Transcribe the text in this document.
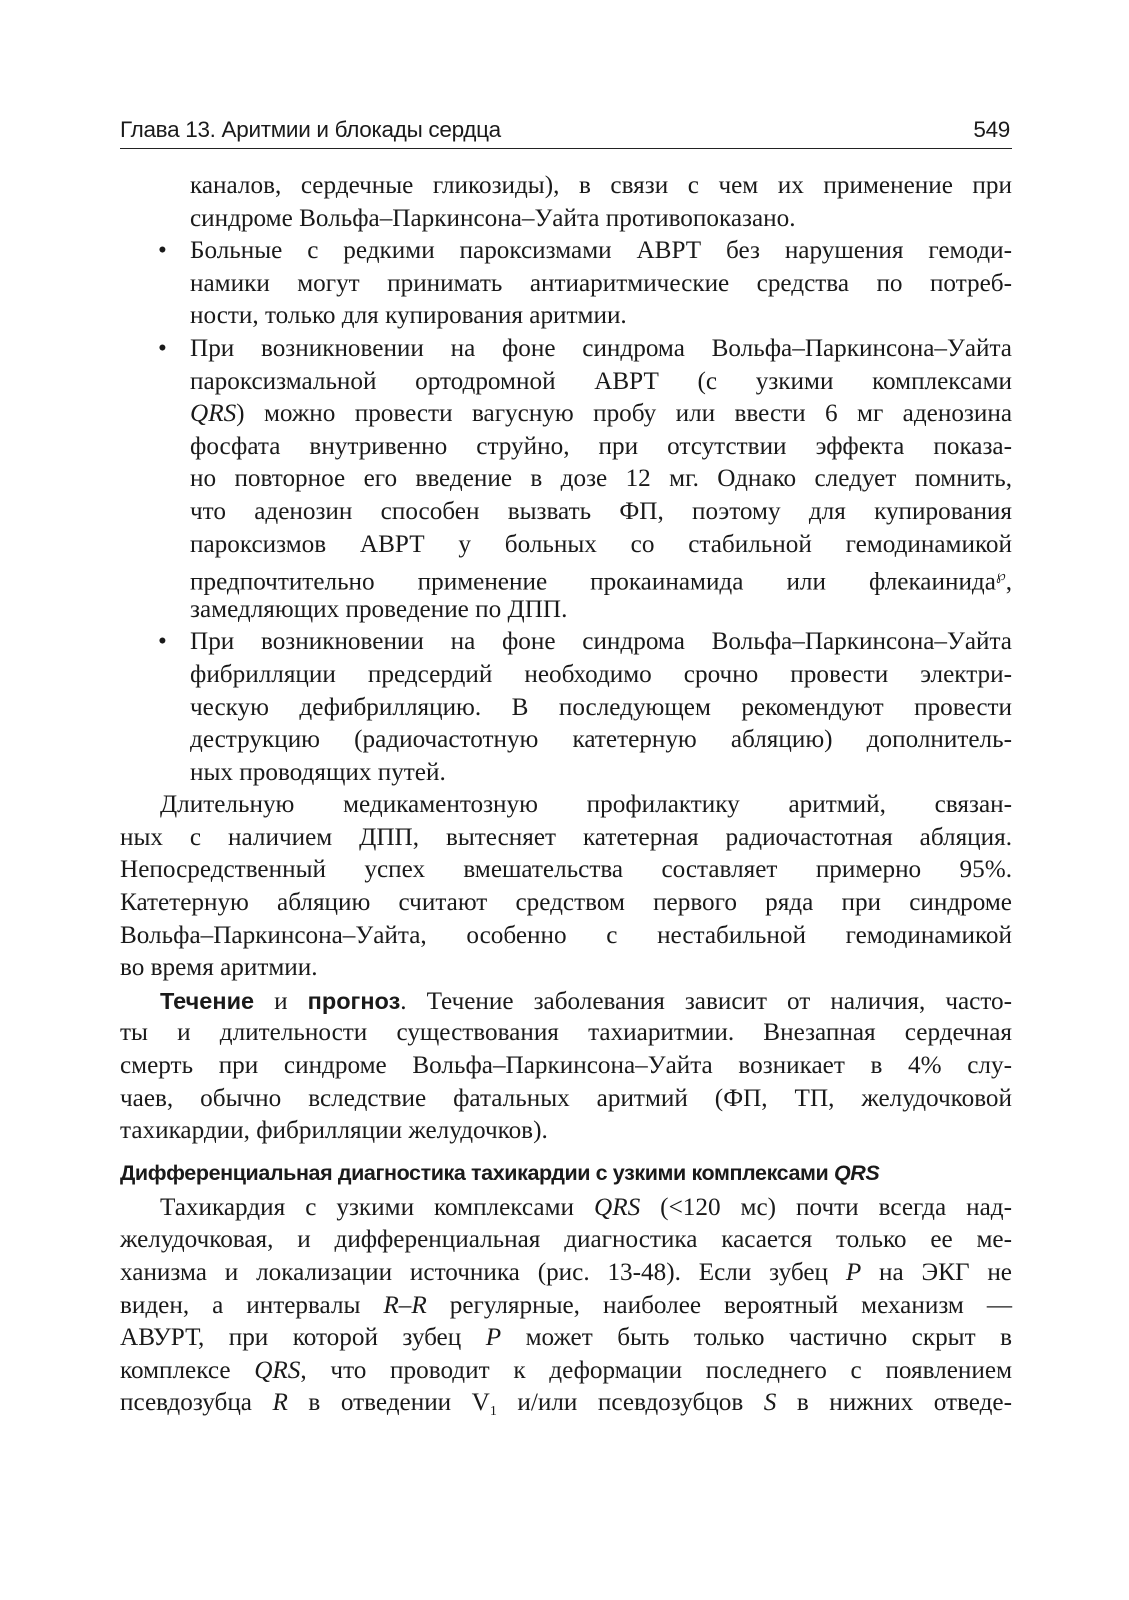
Глава 13. Аритмии и блокады сердца	549
каналов, сердечные гликозиды), в связи с чем их применение при
синдроме Вольфа–Паркинсона–Уайта противопоказано.
• Больные с редкими пароксизмами АВРТ без нарушения гемоди-
намики могут принимать антиаритмические средства по потреб-
ности, только для купирования аритмии.
• При возникновении на фоне синдрома Вольфа–Паркинсона–Уайта
пароксизмальной ортодромной АВРТ (с узкими комплексами
QRS) можно провести вагусную пробу или ввести 6 мг аденозина
фосфата внутривенно струйно, при отсутствии эффекта показа-
но повторное его введение в дозе 12 мг. Однако следует помнить,
что аденозин способен вызвать ФП, поэтому для купирования
пароксизмов АВРТ у больных со стабильной гемодинамикой
предпочтительно применение прокаинамида или флекаинида℘,
замедляющих проведение по ДПП.
• При возникновении на фоне синдрома Вольфа–Паркинсона–Уайта
фибрилляции предсердий необходимо срочно провести электри-
ческую дефибрилляцию. В последующем рекомендуют провести
деструкцию (радиочастотную катетерную абляцию) дополнитель-
ных проводящих путей.
Длительную медикаментозную профилактику аритмий, связан-
ных с наличием ДПП, вытесняет катетерная радиочастотная абляция.
Непосредственный успех вмешательства составляет примерно 95%.
Катетерную абляцию считают средством первого ряда при синдроме
Вольфа–Паркинсона–Уайта, особенно с нестабильной гемодинамикой
во время аритмии.
Течение и прогноз. Течение заболевания зависит от наличия, часто-
ты и длительности существования тахиаритмии. Внезапная сердечная
смерть при синдроме Вольфа–Паркинсона–Уайта возникает в 4% слу-
чаев, обычно вследствие фатальных аритмий (ФП, ТП, желудочковой
тахикардии, фибрилляции желудочков).
Дифференциальная диагностика тахикардии с узкими комплексами QRS
Тахикардия с узкими комплексами QRS (<120 мс) почти всегда над-
желудочковая, и дифференциальная диагностика касается только ее ме-
ханизма и локализации источника (рис. 13-48). Если зубец P на ЭКГ не
виден, а интервалы R–R регулярные, наиболее вероятный механизм —
АВУРТ, при которой зубец P может быть только частично скрыт в
комплексе QRS, что проводит к деформации последнего с появлением
псевдозубца R в отведении $V_1$ и/или псевдозубцов S в нижних отведе-
